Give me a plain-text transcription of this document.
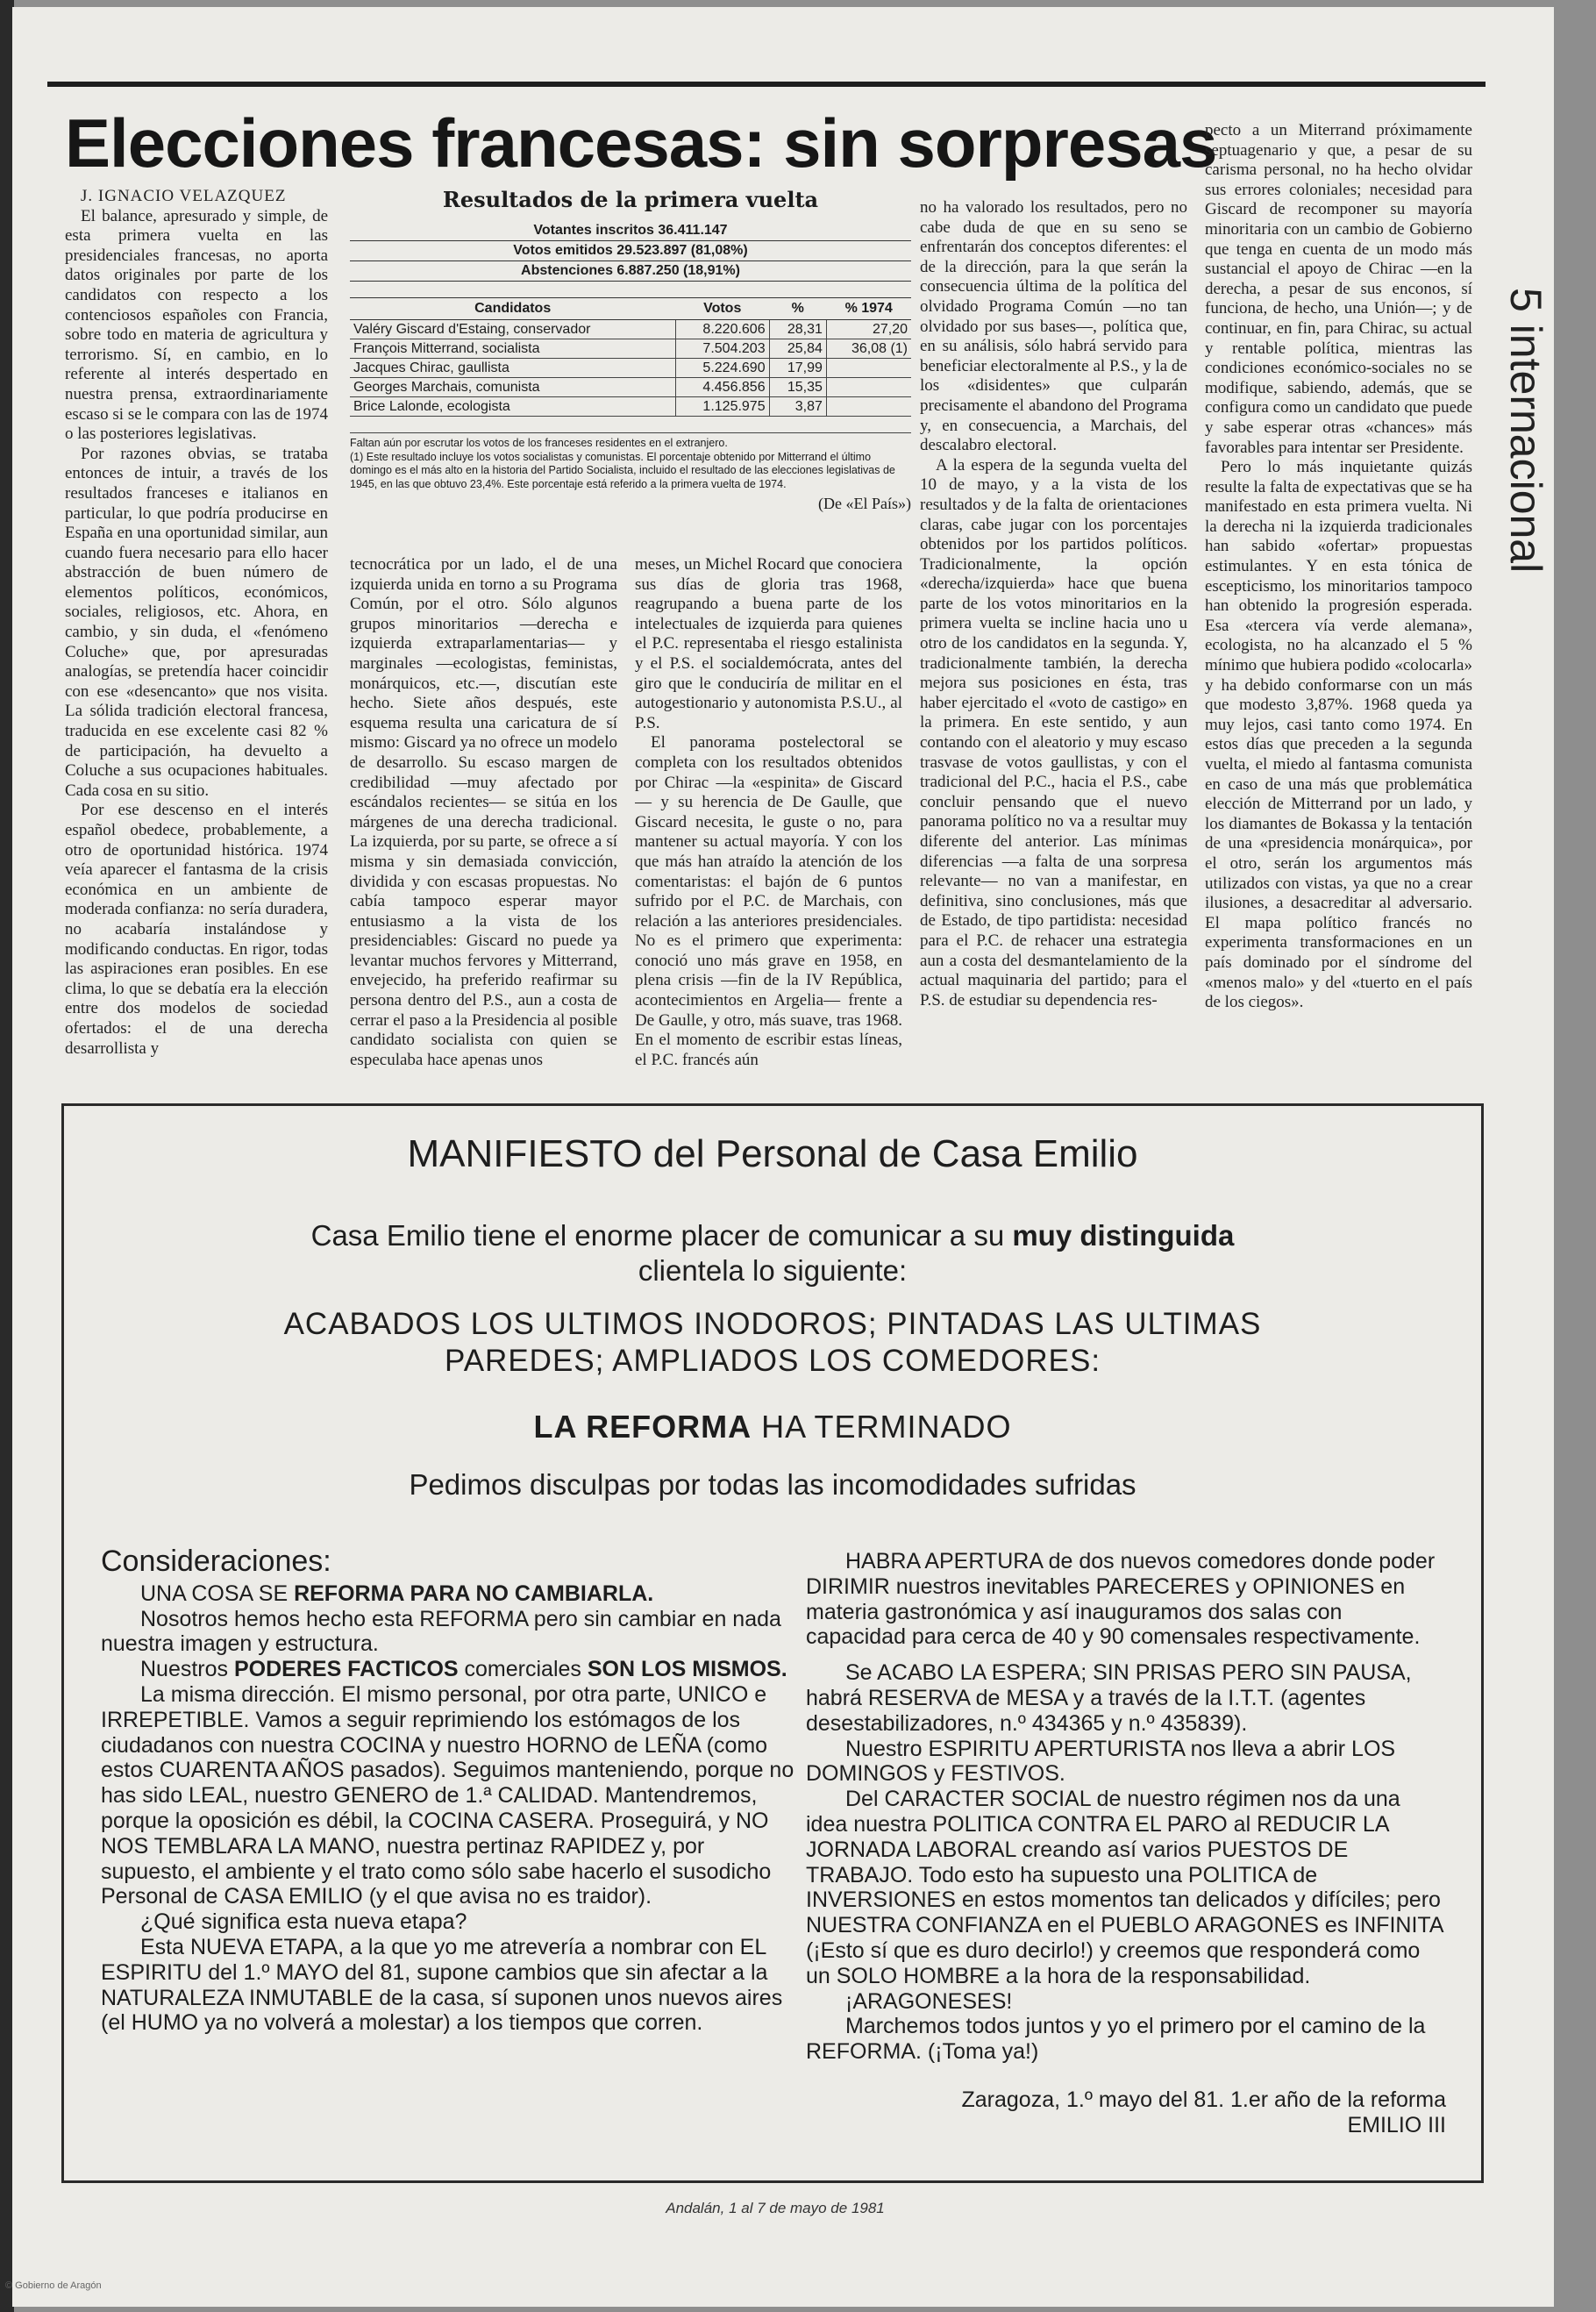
Elecciones francesas: sin sorpresas
5 internacional

J. IGNACIO VELAZQUEZ

El balance, apresurado y simple, de esta primera vuelta en las presidenciales francesas, no aporta datos originales por parte de los candidatos con respecto a los contenciosos españoles con Francia, sobre todo en materia de agricultura y terrorismo. Sí, en cambio, en lo referente al interés despertado en nuestra prensa, extraordinariamente escaso si se le compara con las de 1974 o las posteriores legislativas.

Por razones obvias, se trataba entonces de intuir, a través de los resultados franceses e italianos en particular, lo que podría producirse en España en una oportunidad similar, aun cuando fuera necesario para ello hacer abstracción de buen número de elementos políticos, económicos, sociales, religiosos, etc. Ahora, en cambio, y sin duda, el «fenómeno Coluche» que, por apresuradas analogías, se pretendía hacer coincidir con ese «desencanto» que nos visita. La sólida tradición electoral francesa, traducida en ese excelente casi 82 % de participación, ha devuelto a Coluche a sus ocupaciones habituales. Cada cosa en su sitio.

Por ese descenso en el interés español obedece, probablemente, a otro de oportunidad histórica. 1974 veía aparecer el fantasma de la crisis económica en un ambiente de moderada confianza: no sería duradera, no acabaría instalándose y modificando conductas. En rigor, todas las aspiraciones eran posibles. En ese clima, lo que se debatía era la elección entre dos modelos de sociedad ofertados: el de una derecha desarrollista y

Resultados de la primera vuelta
Votantes inscritos 36.411.147
Votos emitidos 29.523.897 (81,08%)
Abstenciones 6.887.250 (18,91%)
Candidatos	Votos	%	% 1974
Valéry Giscard d'Estaing, conservador	8.220.606	28,31	27,20
François Mitterrand, socialista	7.504.203	25,84	36,08 (1)
Jacques Chirac, gaullista	5.224.690	17,99	
Georges Marchais, comunista	4.456.856	15,35	
Brice Lalonde, ecologista	1.125.975	3,87	
Faltan aún por escrutar los votos de los franceses residentes en el extranjero.
(1) Este resultado incluye los votos socialistas y comunistas. El porcentaje obtenido por Mitterrand el último domingo es el más alto en la historia del Partido Socialista, incluido el resultado de las elecciones legislativas de 1945, en las que obtuvo 23,4%. Este porcentaje está referido a la primera vuelta de 1974.
(De «El País»)

tecnocrática por un lado, el de una izquierda unida en torno a su Programa Común, por el otro. Sólo algunos grupos minoritarios —derecha e izquierda extraparlamentarias— y marginales —ecologistas, feministas, monárquicos, etc.—, discutían este hecho. Siete años después, este esquema resulta una caricatura de sí mismo: Giscard ya no ofrece un modelo de desarrollo. Su escaso margen de credibilidad —muy afectado por escándalos recientes— se sitúa en los márgenes de una derecha tradicional. La izquierda, por su parte, se ofrece a sí misma y sin demasiada convicción, dividida y con escasas propuestas. No cabía tampoco esperar mayor entusiasmo a la vista de los presidenciables: Giscard no puede ya levantar muchos fervores y Mitterrand, envejecido, ha preferido reafirmar su persona dentro del P.S., aun a costa de cerrar el paso a la Presidencia al posible candidato socialista con quien se especulaba hace apenas unos

meses, un Michel Rocard que conociera sus días de gloria tras 1968, reagrupando a buena parte de los intelectuales de izquierda para quienes el P.C. representaba el riesgo estalinista y el P.S. el socialdemócrata, antes del giro que le conduciría de militar en el autogestionario y autonomista P.S.U., al P.S.

El panorama postelectoral se completa con los resultados obtenidos por Chirac —la «espinita» de Giscard— y su herencia de De Gaulle, que Giscard necesita, le guste o no, para mantener su actual mayoría. Y con los que más han atraído la atención de los comentaristas: el bajón de 6 puntos sufrido por el P.C. de Marchais, con relación a las anteriores presidenciales. No es el primero que experimenta: conoció uno más grave en 1958, en plena crisis —fin de la IV República, acontecimientos en Argelia— frente a De Gaulle, y otro, más suave, tras 1968. En el momento de escribir estas líneas, el P.C. francés aún

no ha valorado los resultados, pero no cabe duda de que en su seno se enfrentarán dos conceptos diferentes: el de la dirección, para la que serán la consecuencia última de la política del olvidado Programa Común —no tan olvidado por sus bases—, política que, en su análisis, sólo habrá servido para beneficiar electoralmente al P.S., y la de los «disidentes» que culparán precisamente el abandono del Programa y, en consecuencia, a Marchais, del descalabro electoral.

A la espera de la segunda vuelta del 10 de mayo, y a la vista de los resultados y de la falta de orientaciones claras, cabe jugar con los porcentajes obtenidos por los partidos políticos. Tradicionalmente, la opción «derecha/izquierda» hace que buena parte de los votos minoritarios en la primera vuelta se incline hacia uno u otro de los candidatos en la segunda. Y, tradicionalmente también, la derecha mejora sus posiciones en ésta, tras haber ejercitado el «voto de castigo» en la primera. En este sentido, y aun contando con el aleatorio y muy escaso trasvase de votos gaullistas, y con el tradicional del P.C., hacia el P.S., cabe concluir pensando que el nuevo panorama político no va a resultar muy diferente del anterior. Las mínimas diferencias —a falta de una sorpresa relevante— no van a manifestar, en definitiva, sino conclusiones, más que de Estado, de tipo partidista: necesidad para el P.C. de rehacer una estrategia aun a costa del desmantelamiento de la actual maquinaria del partido; para el P.S. de estudiar su dependencia res-

pecto a un Miterrand próximamente septuagenario y que, a pesar de su carisma personal, no ha hecho olvidar sus errores coloniales; necesidad para Giscard de recomponer su mayoría minoritaria con un cambio de Gobierno que tenga en cuenta de un modo más sustancial el apoyo de Chirac —en la derecha, a pesar de sus enconos, sí funciona, de hecho, una Unión—; y de continuar, en fin, para Chirac, su actual y rentable política, mientras las condiciones económico-sociales no se modifique, sabiendo, además, que se configura como un candidato que puede y sabe esperar otras «chances» más favorables para intentar ser Presidente.

Pero lo más inquietante quizás resulte la falta de expectativas que se ha manifestado en esta primera vuelta. Ni la derecha ni la izquierda tradicionales han sabido «ofertar» propuestas estimulantes. Y en esta tónica de escepticismo, los minoritarios tampoco han obtenido la progresión esperada. Esa «tercera vía verde alemana», ecologista, no ha alcanzado el 5 % mínimo que hubiera podido «colocarla» y ha debido conformarse con un más que modesto 3,87%. 1968 queda ya muy lejos, casi tanto como 1974. En estos días que preceden a la segunda vuelta, el miedo al fantasma comunista en caso de una más que problemática elección de Mitterrand por un lado, y los diamantes de Bokassa y la tentación de una «presidencia monárquica», por el otro, serán los argumentos más utilizados con vistas, ya que no a crear ilusiones, a desacreditar al adversario. El mapa político francés no experimenta transformaciones en un país dominado por el síndrome del «menos malo» y del «tuerto en el país de los ciegos».

MANIFIESTO del Personal de Casa Emilio
Casa Emilio tiene el enorme placer de comunicar a su muy distinguida
clientela lo siguiente:
ACABADOS LOS ULTIMOS INODOROS; PINTADAS LAS ULTIMAS
PAREDES; AMPLIADOS LOS COMEDORES:
LA REFORMA HA TERMINADO
Pedimos disculpas por todas las incomodidades sufridas
Consideraciones:

UNA COSA SE REFORMA PARA NO CAMBIARLA.

Nosotros hemos hecho esta REFORMA pero sin cambiar en nada nuestra imagen y estructura.

Nuestros PODERES FACTICOS comerciales SON LOS MISMOS.

La misma dirección. El mismo personal, por otra parte, UNICO e IRREPETIBLE. Vamos a seguir reprimiendo los estómagos de los ciudadanos con nuestra COCINA y nuestro HORNO de LEÑA (como estos CUARENTA AÑOS pasados). Seguimos manteniendo, porque no has sido LEAL, nuestro GENERO de 1.ª CALIDAD. Mantendremos, porque la oposición es débil, la COCINA CASERA. Proseguirá, y NO NOS TEMBLARA LA MANO, nuestra pertinaz RAPIDEZ y, por supuesto, el ambiente y el trato como sólo sabe hacerlo el susodicho Personal de CASA EMILIO (y el que avisa no es traidor).

¿Qué significa esta nueva etapa?

Esta NUEVA ETAPA, a la que yo me atrevería a nombrar con EL ESPIRITU del 1.º MAYO del 81, supone cambios que sin afectar a la NATURALEZA INMUTABLE de la casa, sí suponen unos nuevos aires (el HUMO ya no volverá a molestar) a los tiempos que corren.

HABRA APERTURA de dos nuevos comedores donde poder DIRIMIR nuestros inevitables PARECERES y OPINIONES en materia gastronómica y así inauguramos dos salas con capacidad para cerca de 40 y 90 comensales respectivamente.

Se ACABO LA ESPERA; SIN PRISAS PERO SIN PAUSA, habrá RESERVA de MESA y a través de la I.T.T. (agentes desestabilizadores, n.º 434365 y n.º 435839).

Nuestro ESPIRITU APERTURISTA nos lleva a abrir LOS DOMINGOS y FESTIVOS.

Del CARACTER SOCIAL de nuestro régimen nos da una idea nuestra POLITICA CONTRA EL PARO al REDUCIR LA JORNADA LABORAL creando así varios PUESTOS DE TRABAJO. Todo esto ha supuesto una POLITICA de INVERSIONES en estos momentos tan delicados y difíciles; pero NUESTRA CONFIANZA en el PUEBLO ARAGONES es INFINITA (¡Esto sí que es duro decirlo!) y creemos que responderá como un SOLO HOMBRE a la hora de la responsabilidad.

¡ARAGONESES!

Marchemos todos juntos y yo el primero por el camino de la REFORMA. (¡Toma ya!)

Zaragoza, 1.º mayo del 81. 1.er año de la reforma

EMILIO III

Andalán, 1 al 7 de mayo de 1981
© Gobierno de Aragón
